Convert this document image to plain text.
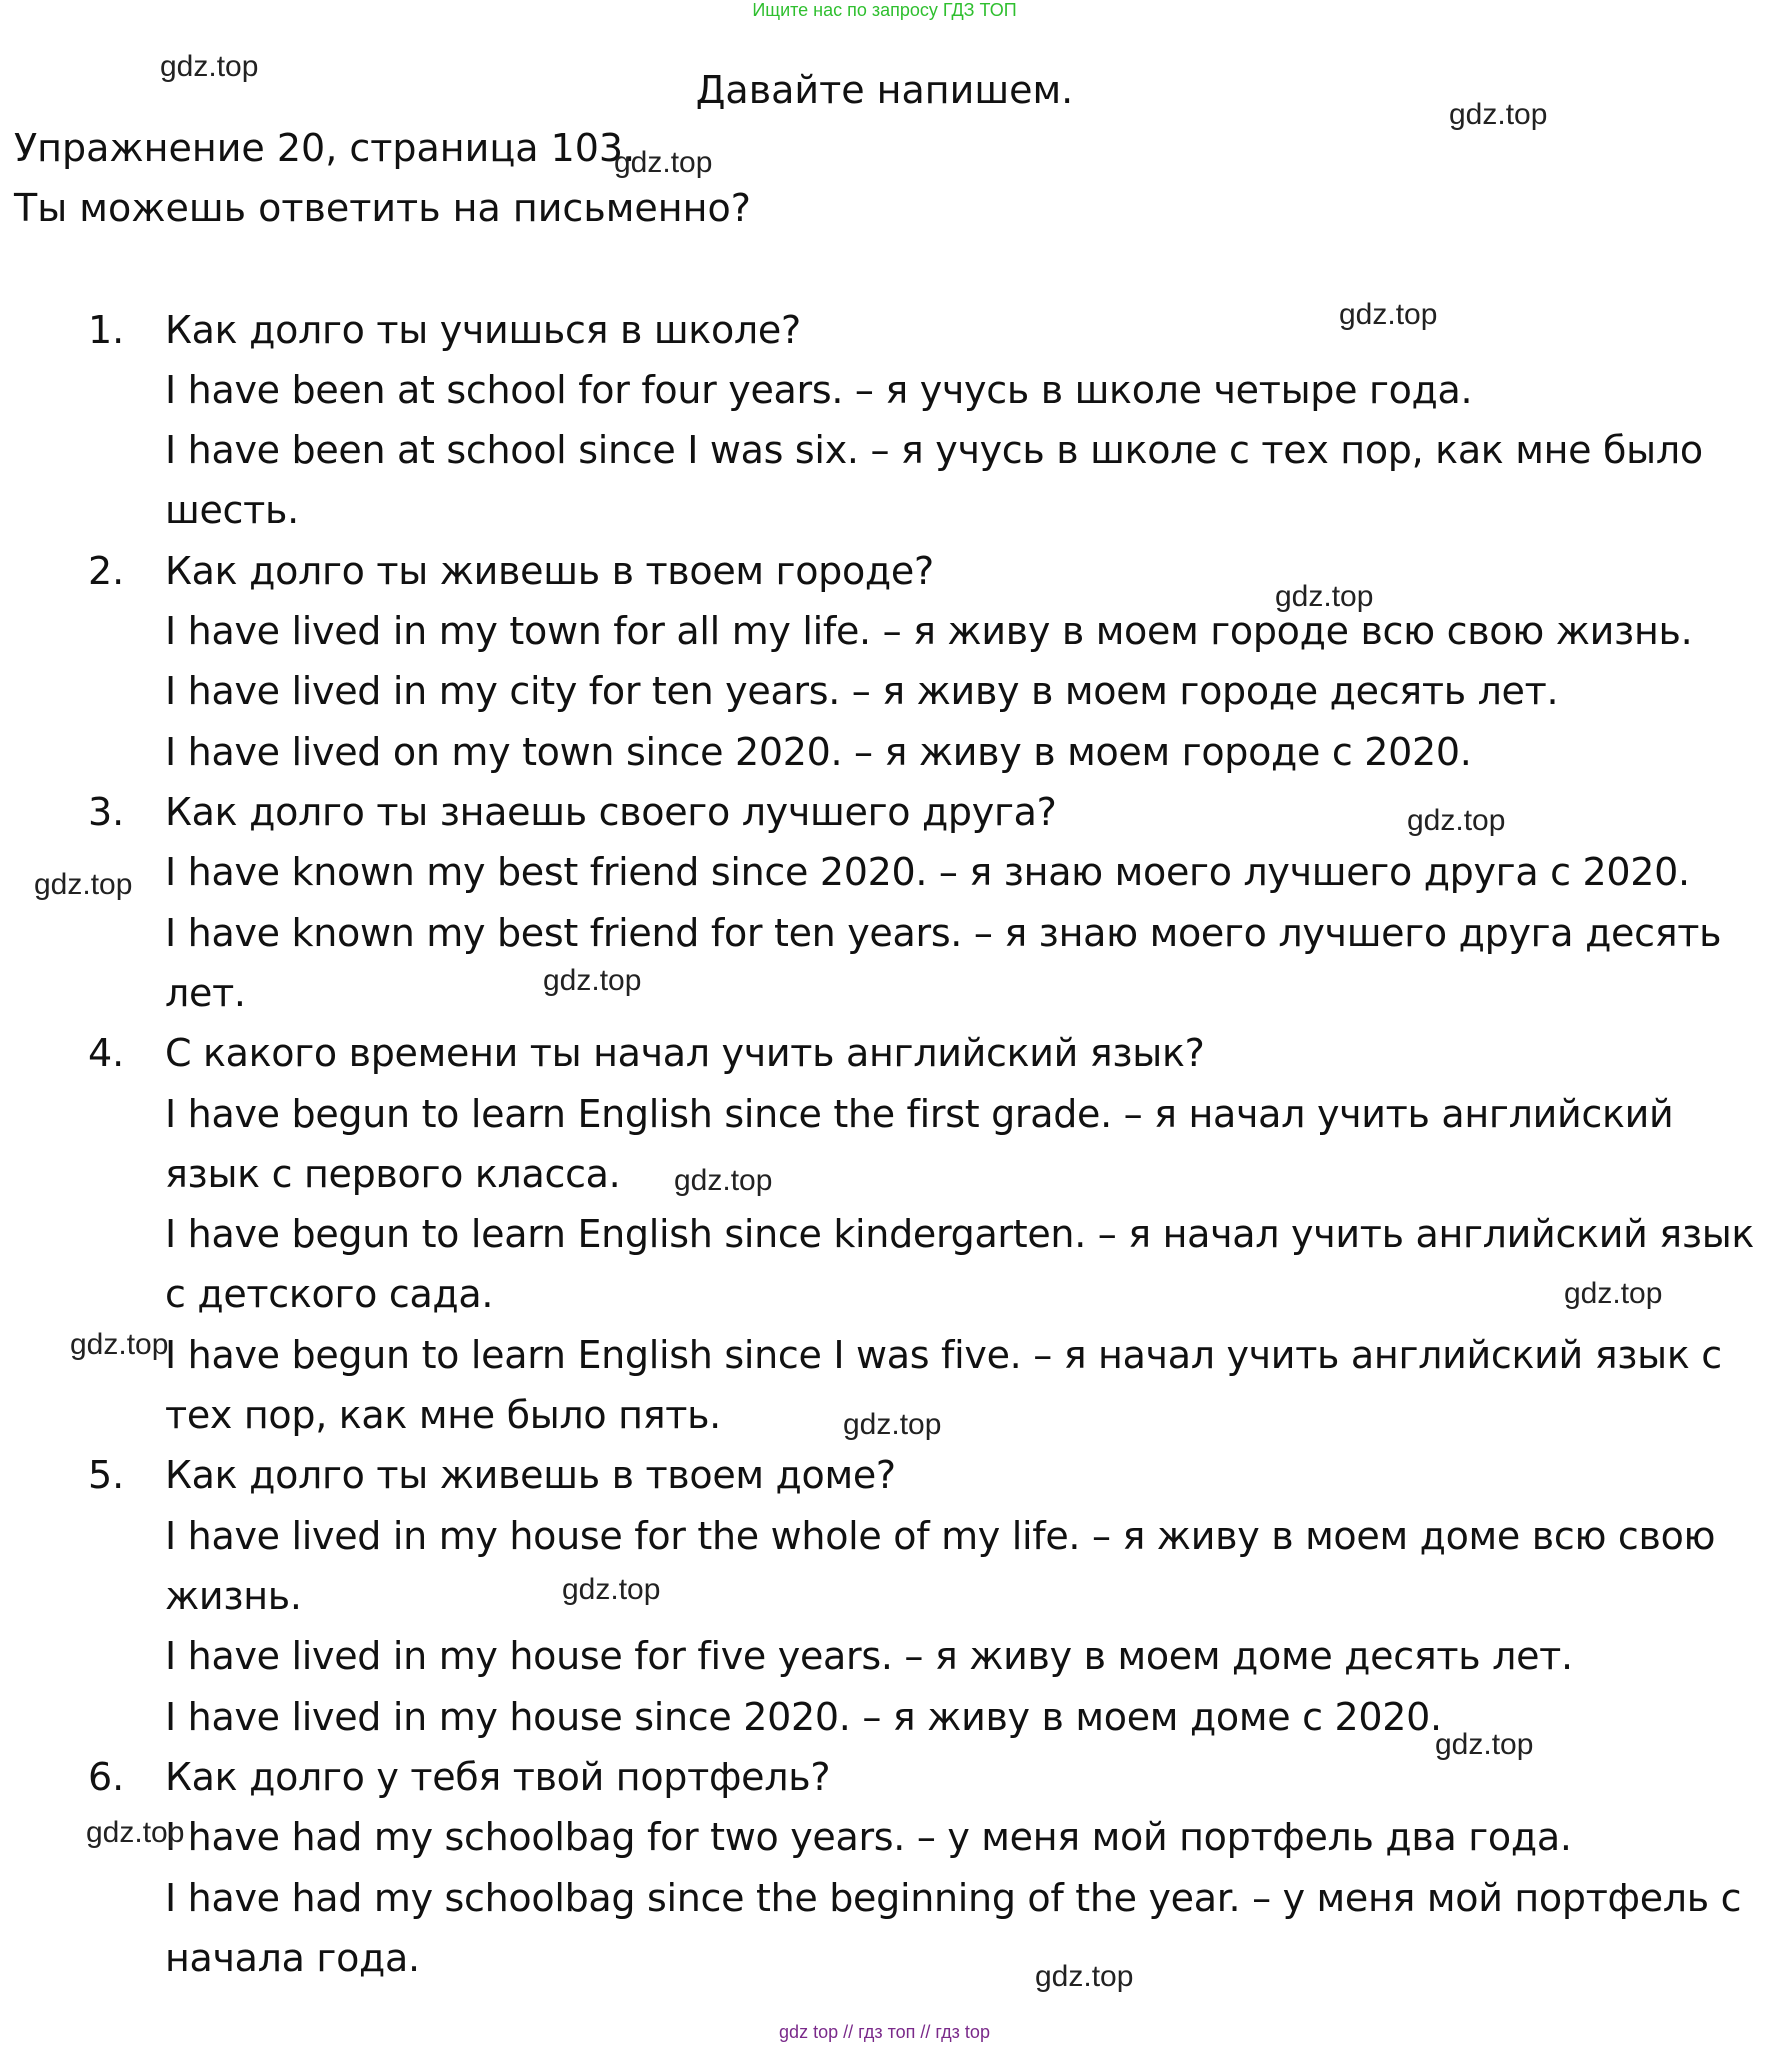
Ищите нас по запросу ГДЗ ТОП
Давайте напишем.
Упражнение 20, страница 103.
Ты можешь ответить на письменно?
1.	Как долго ты учишься в школе?
I have been at school for four years. – я учусь в школе четыре года.
I have been at school since I was six. – я учусь в школе с тех пор, как мне было
шесть.
2.	Как долго ты живешь в твоем городе?
I have lived in my town for all my life. – я живу в моем городе всю свою жизнь.
I have lived in my city for ten years. – я живу в моем городе десять лет.
I have lived on my town since 2020. – я живу в моем городе с 2020.
3.	Как долго ты знаешь своего лучшего друга?
I have known my best friend since 2020. – я знаю моего лучшего друга с 2020.
I have known my best friend for ten years. – я знаю моего лучшего друга десять
лет.
4.	С какого времени ты начал учить английский язык?
I have begun to learn English since the first grade. – я начал учить английский
язык с первого класса.
I have begun to learn English since kindergarten. – я начал учить английский язык
с детского сада.
I have begun to learn English since I was five. – я начал учить английский язык с
тех пор, как мне было пять.
5.	Как долго ты живешь в твоем доме?
I have lived in my house for the whole of my life. – я живу в моем доме всю свою
жизнь.
I have lived in my house for five years. – я живу в моем доме десять лет.
I have lived in my house since 2020. – я живу в моем доме с 2020.
6.	Как долго у тебя твой портфель?
I have had my schoolbag for two years. – у меня мой портфель два года.
I have had my schoolbag since the beginning of the year. – у меня мой портфель с
начала года.
gdz.top
gdz.top
gdz.top
gdz.top
gdz.top
gdz.top
gdz.top
gdz.top
gdz.top
gdz.top
gdz.top
gdz.top
gdz.top
gdz.top
gdz.top
gdz.top
gdz top // гдз топ // гдз top
